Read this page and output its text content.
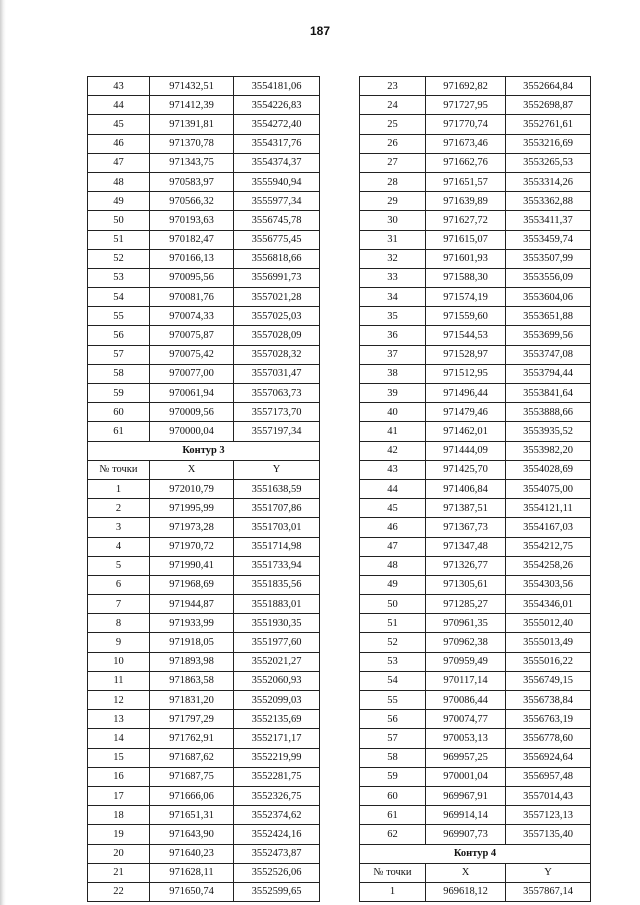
187
43	971432,51	3554181,06
44	971412,39	3554226,83
45	971391,81	3554272,40
46	971370,78	3554317,76
47	971343,75	3554374,37
48	970583,97	3555940,94
49	970566,32	3555977,34
50	970193,63	3556745,78
51	970182,47	3556775,45
52	970166,13	3556818,66
53	970095,56	3556991,73
54	970081,76	3557021,28
55	970074,33	3557025,03
56	970075,87	3557028,09
57	970075,42	3557028,32
58	970077,00	3557031,47
59	970061,94	3557063,73
60	970009,56	3557173,70
61	970000,04	3557197,34
Контур 3		
№ точки	X	Y
1	972010,79	3551638,59
2	971995,99	3551707,86
3	971973,28	3551703,01
4	971970,72	3551714,98
5	971990,41	3551733,94
6	971968,69	3551835,56
7	971944,87	3551883,01
8	971933,99	3551930,35
9	971918,05	3551977,60
10	971893,98	3552021,27
11	971863,58	3552060,93
12	971831,20	3552099,03
13	971797,29	3552135,69
14	971762,91	3552171,17
15	971687,62	3552219,99
16	971687,75	3552281,75
17	971666,06	3552326,75
18	971651,31	3552374,62
19	971643,90	3552424,16
20	971640,23	3552473,87
21	971628,11	3552526,06
22	971650,74	3552599,65
23	971692,82	3552664,84
24	971727,95	3552698,87
25	971770,74	3552761,61
26	971673,46	3553216,69
27	971662,76	3553265,53
28	971651,57	3553314,26
29	971639,89	3553362,88
30	971627,72	3553411,37
31	971615,07	3553459,74
32	971601,93	3553507,99
33	971588,30	3553556,09
34	971574,19	3553604,06
35	971559,60	3553651,88
36	971544,53	3553699,56
37	971528,97	3553747,08
38	971512,95	3553794,44
39	971496,44	3553841,64
40	971479,46	3553888,66
41	971462,01	3553935,52
42	971444,09	3553982,20
43	971425,70	3554028,69
44	971406,84	3554075,00
45	971387,51	3554121,11
46	971367,73	3554167,03
47	971347,48	3554212,75
48	971326,77	3554258,26
49	971305,61	3554303,56
50	971285,27	3554346,01
51	970961,35	3555012,40
52	970962,38	3555013,49
53	970959,49	3555016,22
54	970117,14	3556749,15
55	970086,44	3556738,84
56	970074,77	3556763,19
57	970053,13	3556778,60
58	969957,25	3556924,64
59	970001,04	3556957,48
60	969967,91	3557014,43
61	969914,14	3557123,13
62	969907,73	3557135,40
Контур 4		
№ точки	X	Y
1	969618,12	3557867,14
